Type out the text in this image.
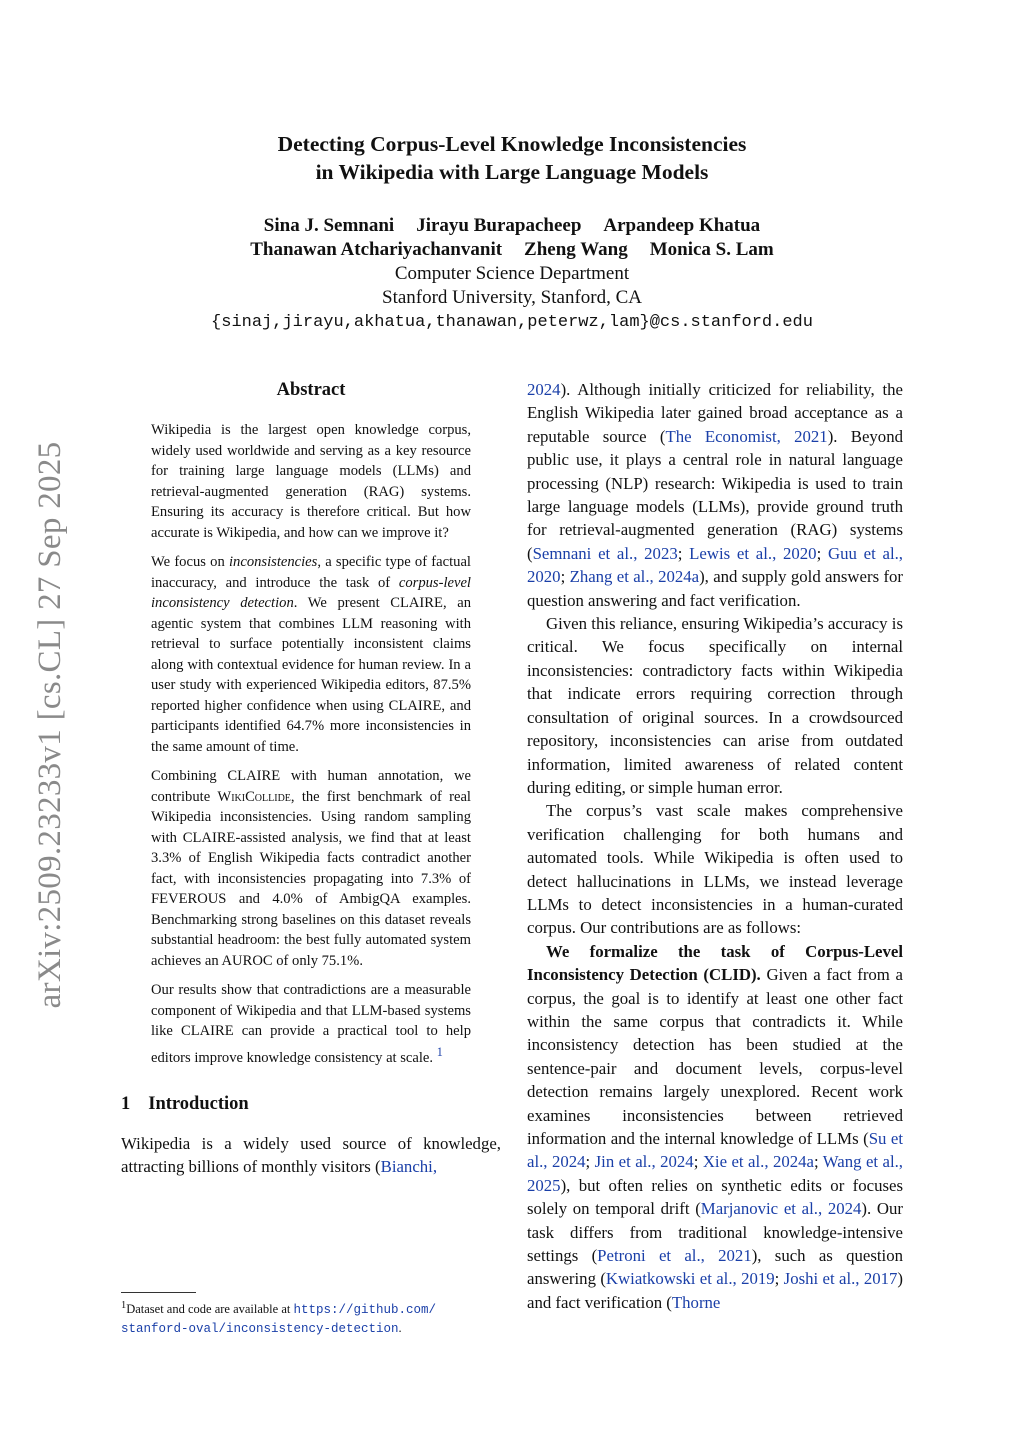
arXiv:2509.23233v1 [cs.CL] 27 Sep 2025
Detecting Corpus-Level Knowledge Inconsistencies
in Wikipedia with Large Language Models
Sina J. Semnani Jirayu Burapacheep Arpandeep Khatua
Thanawan Atchariyachanvanit Zheng Wang Monica S. Lam
Computer Science Department
Stanford University, Stanford, CA
{sinaj,jirayu,akhatua,thanawan,peterwz,lam}@cs.stanford.edu
Abstract

Wikipedia is the largest open knowledge corpus, widely used worldwide and serving as a key resource for training large language models (LLMs) and retrieval-augmented generation (RAG) systems. Ensuring its accuracy is therefore critical. But how accurate is Wikipedia, and how can we improve it?

We focus on inconsistencies, a specific type of factual inaccuracy, and introduce the task of corpus-level inconsistency detection. We present CLAIRE, an agentic system that combines LLM reasoning with retrieval to surface potentially inconsistent claims along with contextual evidence for human review. In a user study with experienced Wikipedia editors, 87.5% reported higher confidence when using CLAIRE, and participants identified 64.7% more inconsistencies in the same amount of time.

Combining CLAIRE with human annotation, we contribute WikiCollide, the first benchmark of real Wikipedia inconsistencies. Using random sampling with CLAIRE-assisted analysis, we find that at least 3.3% of English Wikipedia facts contradict another fact, with inconsistencies propagating into 7.3% of FEVEROUS and 4.0% of AmbigQA examples. Benchmarking strong baselines on this dataset reveals substantial headroom: the best fully automated system achieves an AUROC of only 75.1%.

Our results show that contradictions are a measurable component of Wikipedia and that LLM-based systems like CLAIRE can provide a practical tool to help editors improve knowledge consistency at scale. $^1$

1 Introduction

Wikipedia is a widely used source of knowledge, attracting billions of monthly visitors (Bianchi,

$^1$Dataset and code are available at https://github.com/
stanford-oval/inconsistency-detection.

2024). Although initially criticized for reliability, the English Wikipedia later gained broad acceptance as a reputable source (The Economist, 2021). Beyond public use, it plays a central role in natural language processing (NLP) research: Wikipedia is used to train large language models (LLMs), provide ground truth for retrieval-augmented generation (RAG) systems (Semnani et al., 2023; Lewis et al., 2020; Guu et al., 2020; Zhang et al., 2024a), and supply gold answers for question answering and fact verification.

Given this reliance, ensuring Wikipedia’s accuracy is critical. We focus specifically on internal inconsistencies: contradictory facts within Wikipedia that indicate errors requiring correction through consultation of original sources. In a crowdsourced repository, inconsistencies can arise from outdated information, limited awareness of related content during editing, or simple human error.

The corpus’s vast scale makes comprehensive verification challenging for both humans and automated tools. While Wikipedia is often used to detect hallucinations in LLMs, we instead leverage LLMs to detect inconsistencies in a human-curated corpus. Our contributions are as follows:

We formalize the task of Corpus-Level Inconsistency Detection (CLID). Given a fact from a corpus, the goal is to identify at least one other fact within the same corpus that contradicts it. While inconsistency detection has been studied at the sentence-pair and document levels, corpus-level detection remains largely unexplored. Recent work examines inconsistencies between retrieved information and the internal knowledge of LLMs (Su et al., 2024; Jin et al., 2024; Xie et al., 2024a; Wang et al., 2025), but often relies on synthetic edits or focuses solely on temporal drift (Marjanovic et al., 2024). Our task differs from traditional knowledge-intensive settings (Petroni et al., 2021), such as question answering (Kwiatkowski et al., 2019; Joshi et al., 2017) and fact verification (Thorne
